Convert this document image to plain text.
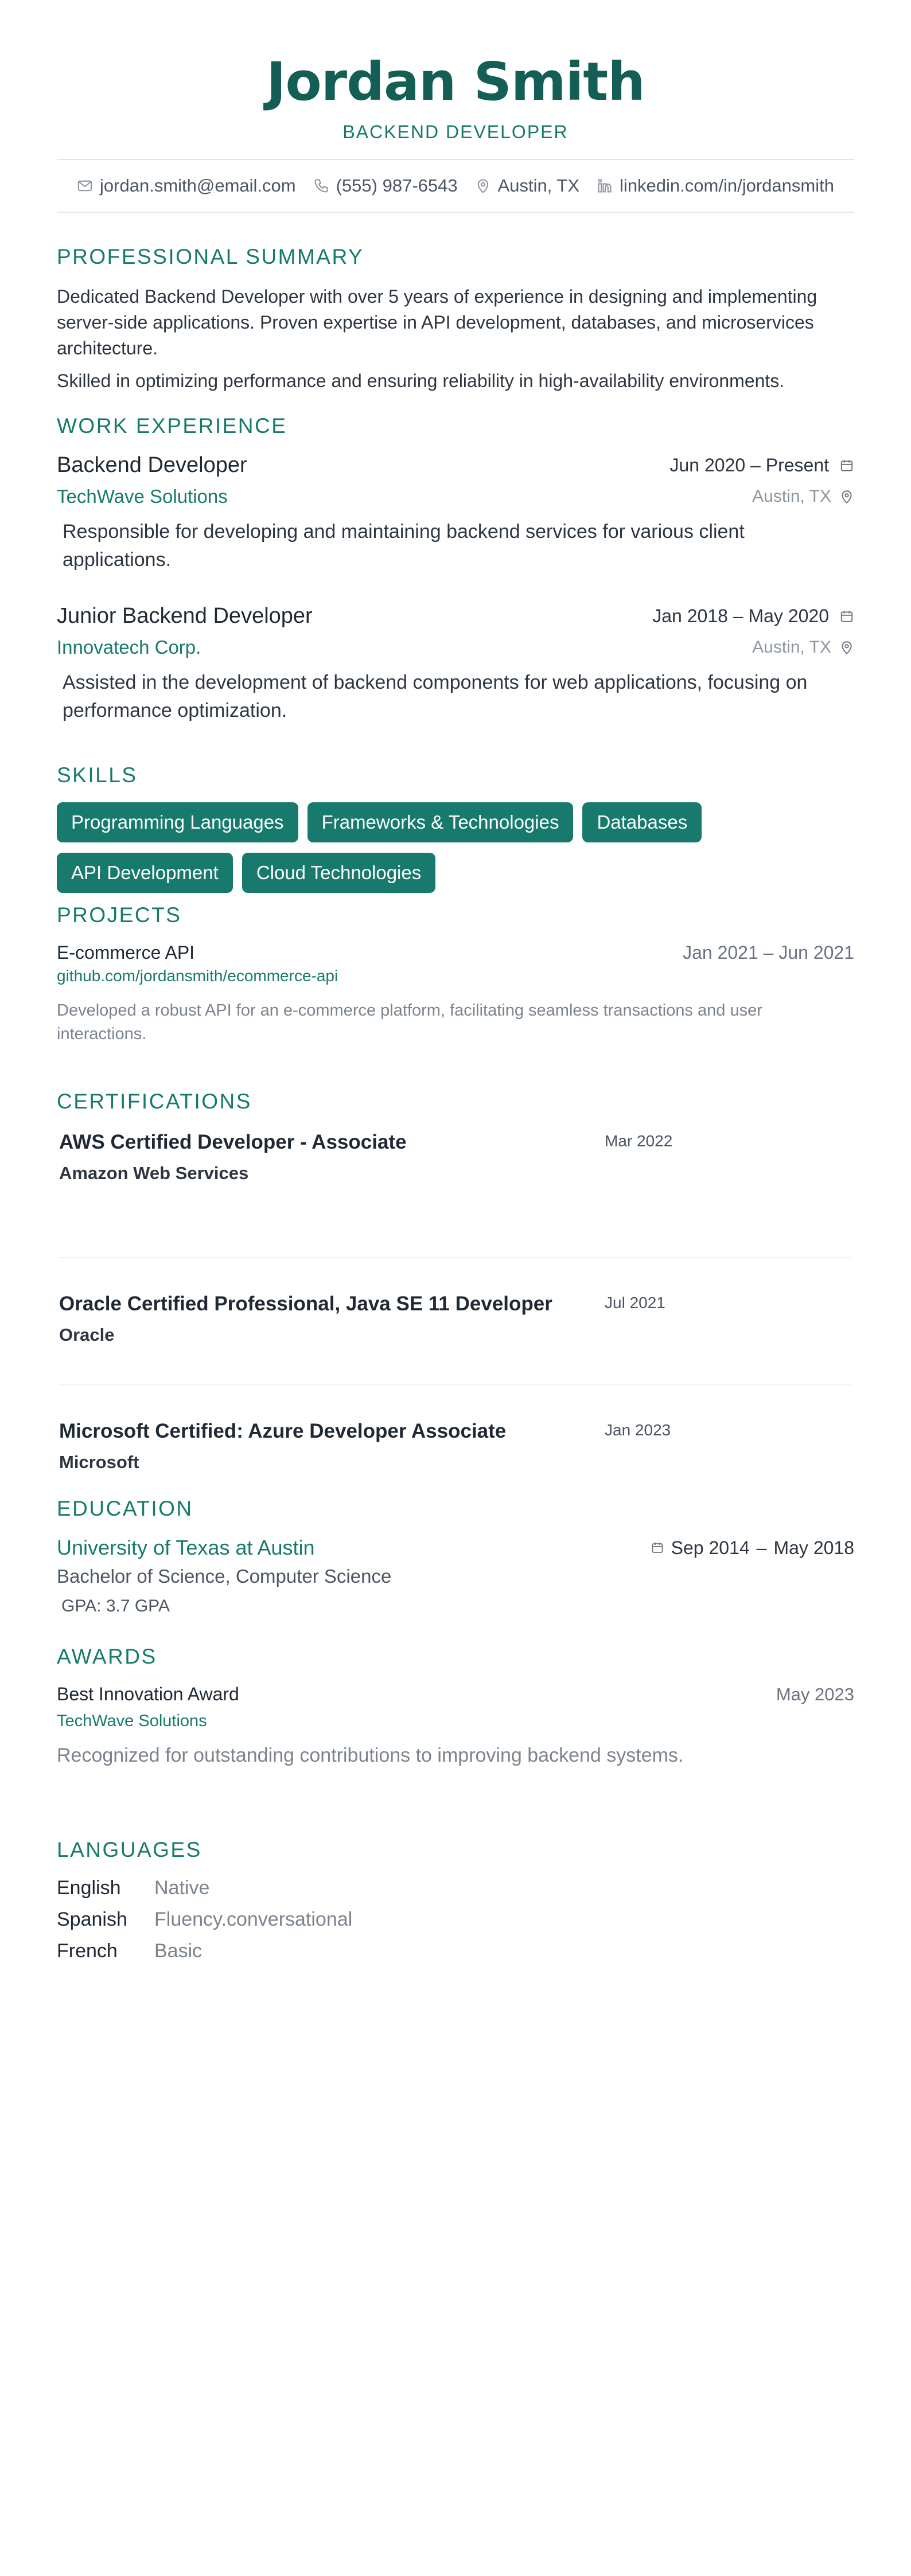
Jordan Smith
BACKEND DEVELOPER
jordan.smith@email.com (555) 987-6543 Austin, TX linkedin.com/in/jordansmith
PROFESSIONAL SUMMARY

Dedicated Backend Developer with over 5 years of experience in designing and implementing server-side applications. Proven expertise in API development, databases, and microservices architecture.

Skilled in optimizing performance and ensuring reliability in high-availability environments.

WORK EXPERIENCE
Backend Developer	Jun 2020 – Present
TechWave Solutions	Austin, TX
Responsible for developing and maintaining backend services for various client applications.
Junior Backend Developer	Jan 2018 – May 2020
Innovatech Corp.	Austin, TX
Assisted in the development of backend components for web applications, focusing on performance optimization.
SKILLS
Programming Languages	Frameworks & Technologies	Databases
API Development	Cloud Technologies
PROJECTS
E-commerce API	Jan 2021 – Jun 2021
github.com/jordansmith/ecommerce-api
Developed a robust API for an e-commerce platform, facilitating seamless transactions and user interactions.
CERTIFICATIONS
AWS Certified Developer - Associate
Amazon Web Services
Mar 2022
Oracle Certified Professional, Java SE 11 Developer
Oracle
Jul 2021
Microsoft Certified: Azure Developer Associate
Microsoft
Jan 2023
EDUCATION
University of Texas at Austin	Sep 2014 – May 2018
Bachelor of Science, Computer Science
GPA: 3.7 GPA
AWARDS
Best Innovation Award	May 2023
TechWave Solutions
Recognized for outstanding contributions to improving backend systems.
LANGUAGES
English	Native
Spanish	Fluency.conversational
French	Basic
